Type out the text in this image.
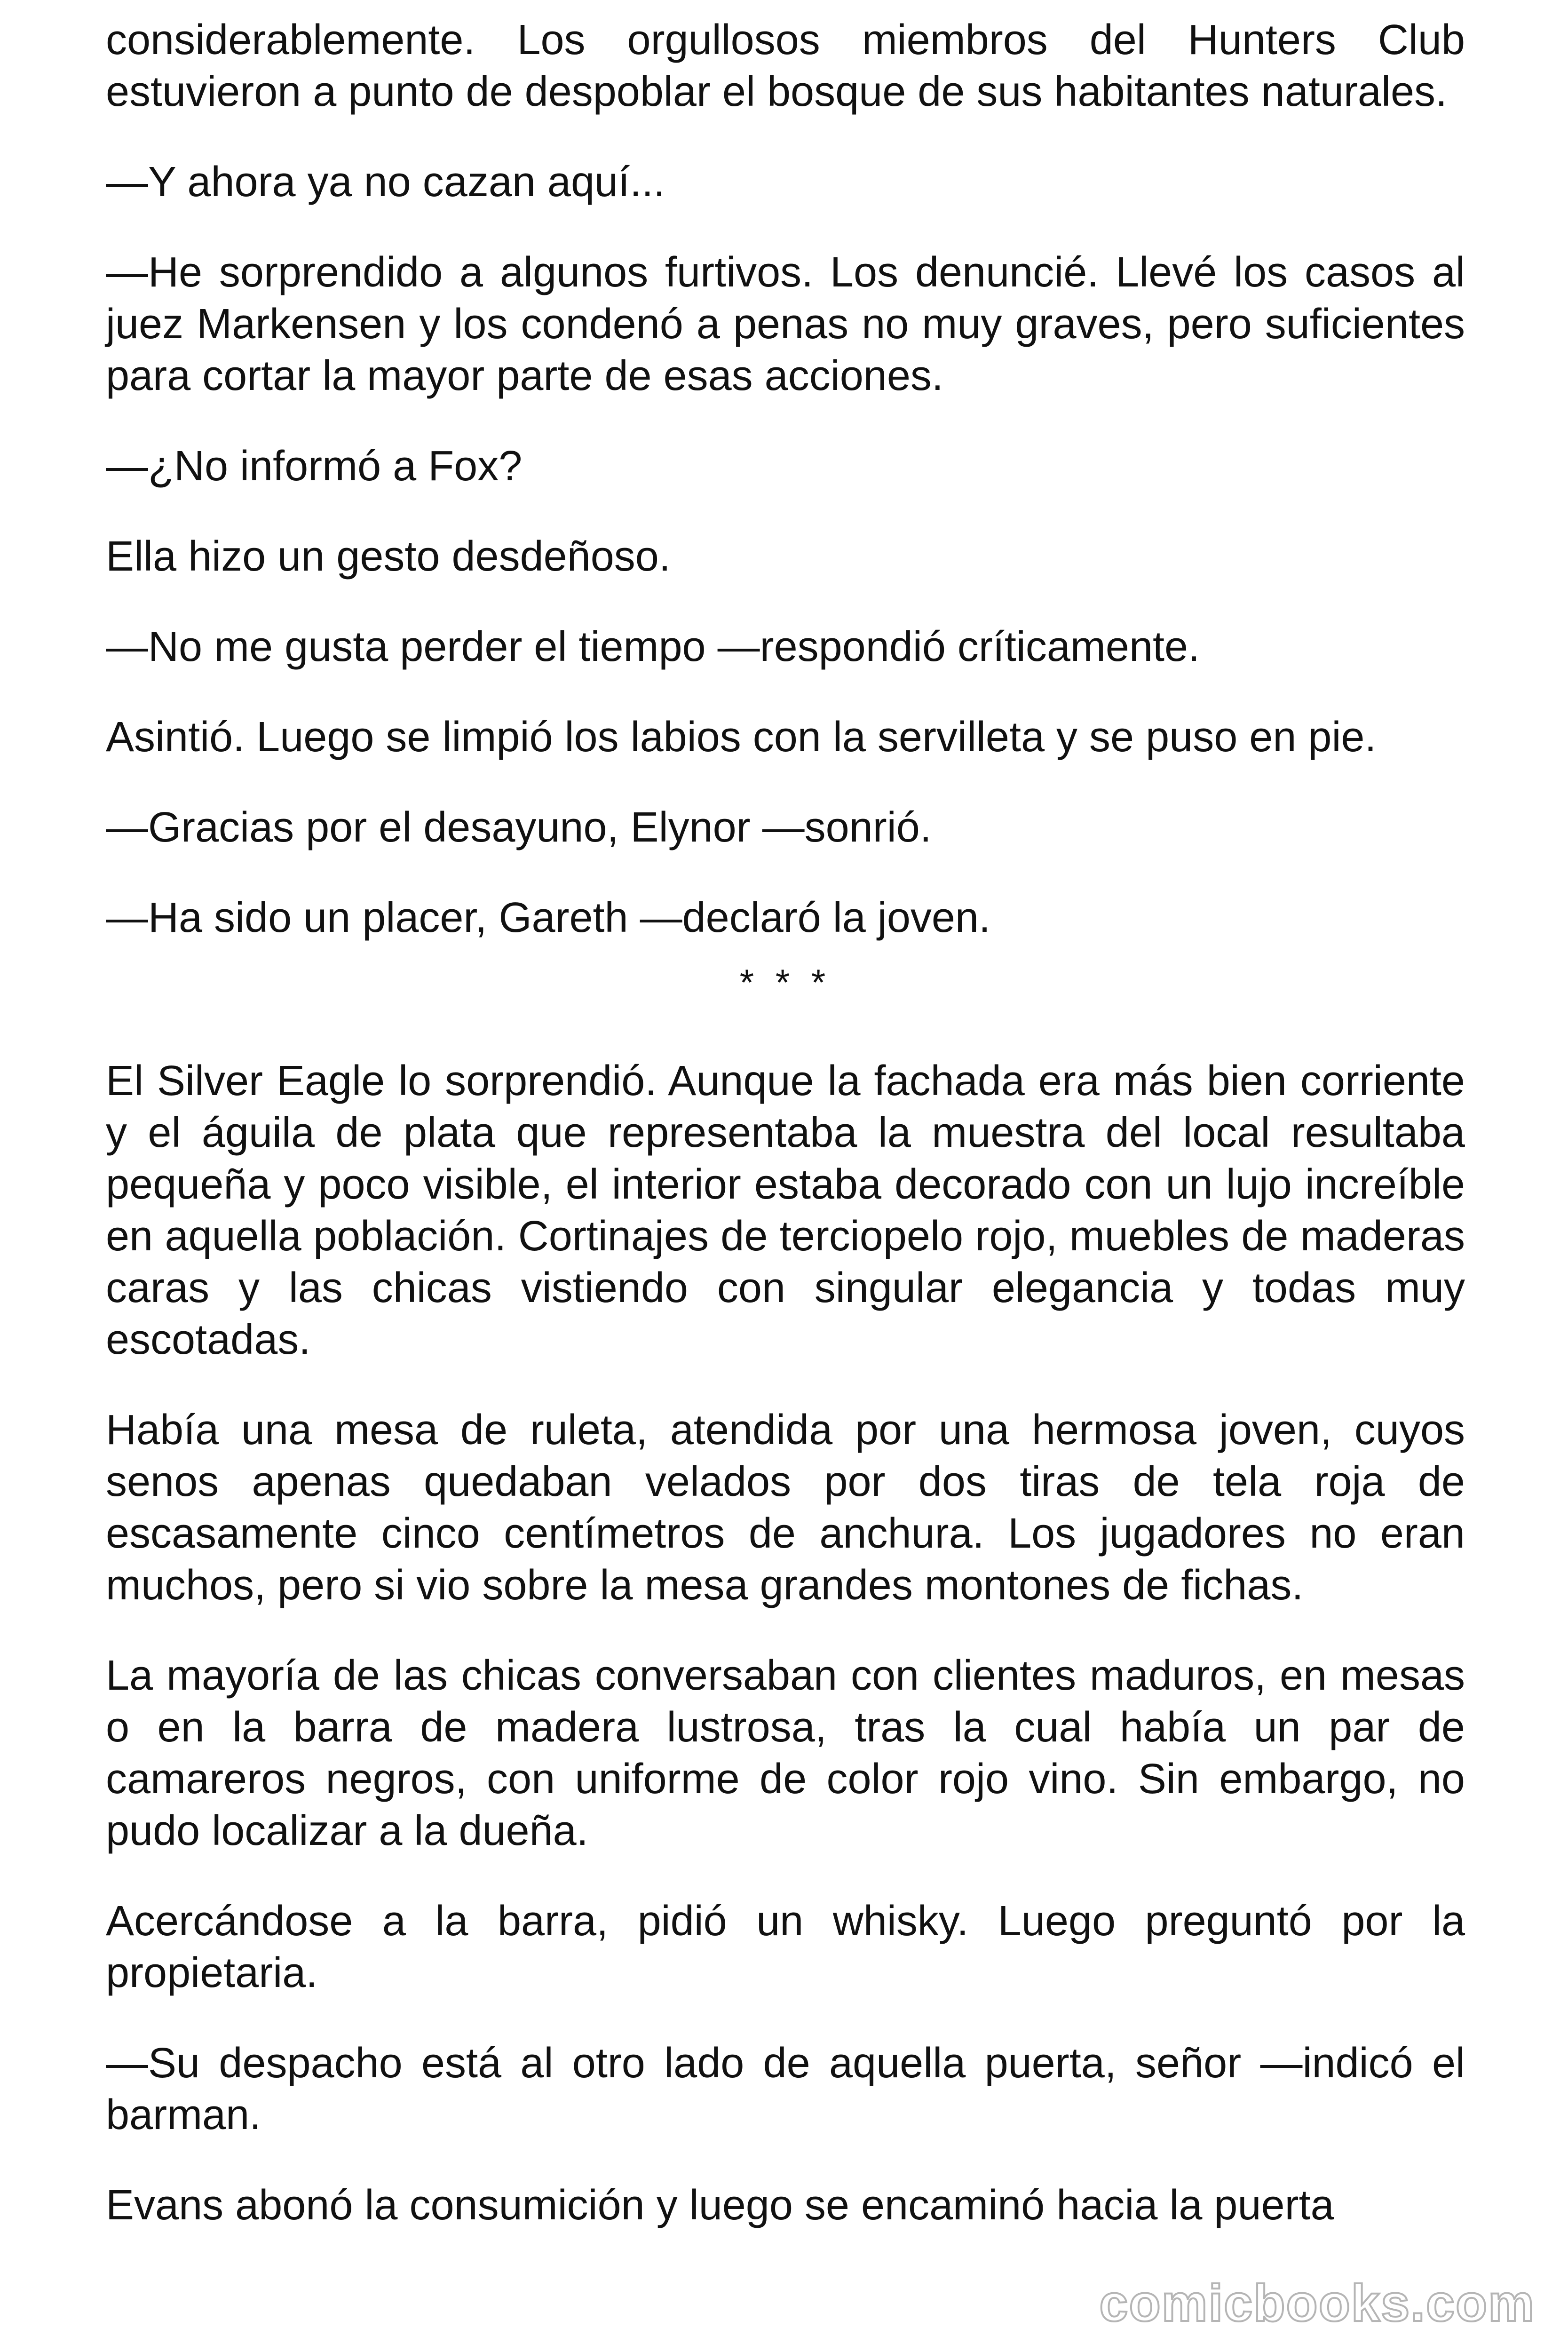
considerablemente. Los orgullosos miembros del Hunters Club estuvieron a punto de despoblar el bosque de sus habitantes naturales.

—Y ahora ya no cazan aquí...

—He sorprendido a algunos furtivos. Los denuncié. Llevé los casos al juez Markensen y los condenó a penas no muy graves, pero suficientes para cortar la mayor parte de esas acciones.

—¿No informó a Fox?

Ella hizo un gesto desdeñoso.

—No me gusta perder el tiempo —respondió críticamente.

Asintió. Luego se limpió los labios con la servilleta y se puso en pie.

—Gracias por el desayuno, Elynor —sonrió.

—Ha sido un placer, Gareth —declaró la joven.

* * *

El Silver Eagle lo sorprendió. Aunque la fachada era más bien corriente y el águila de plata que representaba la muestra del local resultaba pequeña y poco visible, el interior estaba decorado con un lujo increíble en aquella población. Cortinajes de terciopelo rojo, muebles de maderas caras y las chicas vistiendo con singular elegancia y todas muy escotadas.

Había una mesa de ruleta, atendida por una hermosa joven, cuyos senos apenas quedaban velados por dos tiras de tela roja de escasamente cinco centímetros de anchura. Los jugadores no eran muchos, pero si vio sobre la mesa grandes montones de fichas.

La mayoría de las chicas conversaban con clientes maduros, en mesas o en la barra de madera lustrosa, tras la cual había un par de camareros negros, con uniforme de color rojo vino. Sin embargo, no pudo localizar a la dueña.

Acercándose a la barra, pidió un whisky. Luego preguntó por la propietaria.

—Su despacho está al otro lado de aquella puerta, señor —indicó el barman.

Evans abonó la consumición y luego se encaminó hacia la puerta

comicbooks.com
